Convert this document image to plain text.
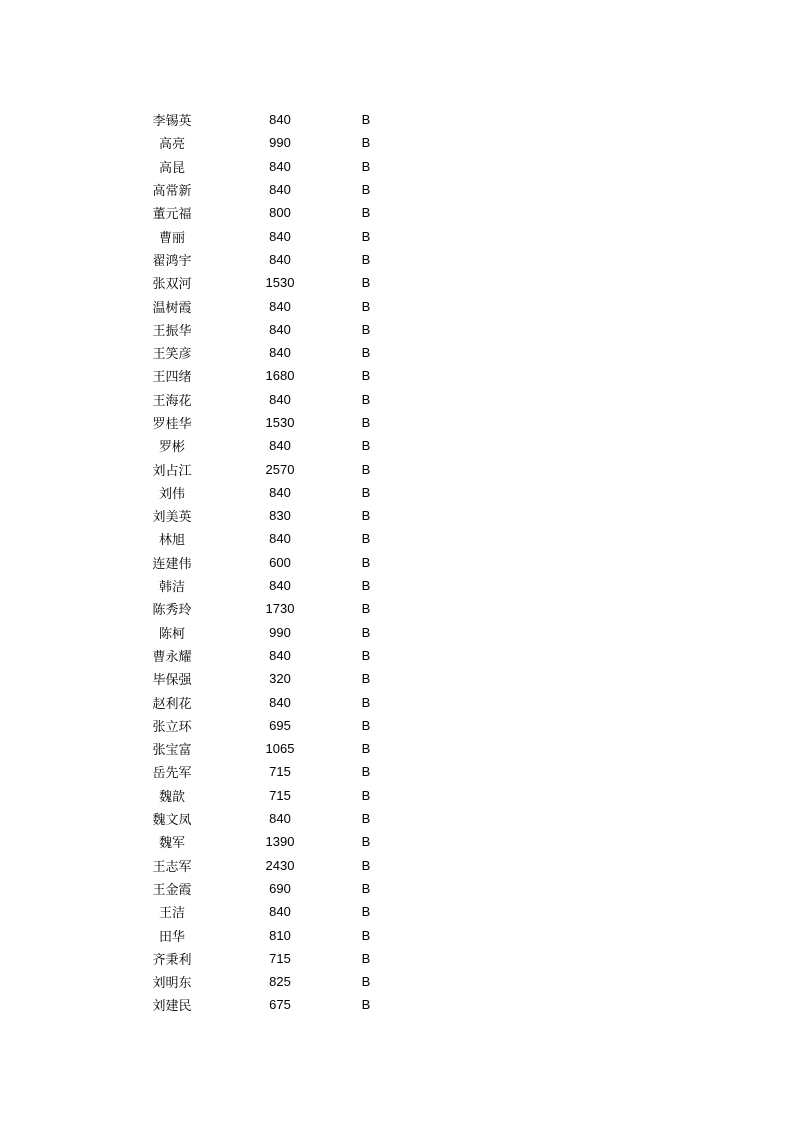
李锡英	840	B
高亮	990	B
高昆	840	B
高常新	840	B
董元福	800	B
曹丽	840	B
翟鸿宇	840	B
张双河	1530	B
温树霞	840	B
王振华	840	B
王笑彦	840	B
王四绪	1680	B
王海花	840	B
罗桂华	1530	B
罗彬	840	B
刘占江	2570	B
刘伟	840	B
刘美英	830	B
林旭	840	B
连建伟	600	B
韩洁	840	B
陈秀玲	1730	B
陈柯	990	B
曹永耀	840	B
毕保强	320	B
赵利花	840	B
张立环	695	B
张宝富	1065	B
岳先军	715	B
魏歆	715	B
魏文凤	840	B
魏军	1390	B
王志军	2430	B
王金霞	690	B
王洁	840	B
田华	810	B
齐秉利	715	B
刘明东	825	B
刘建民	675	B
